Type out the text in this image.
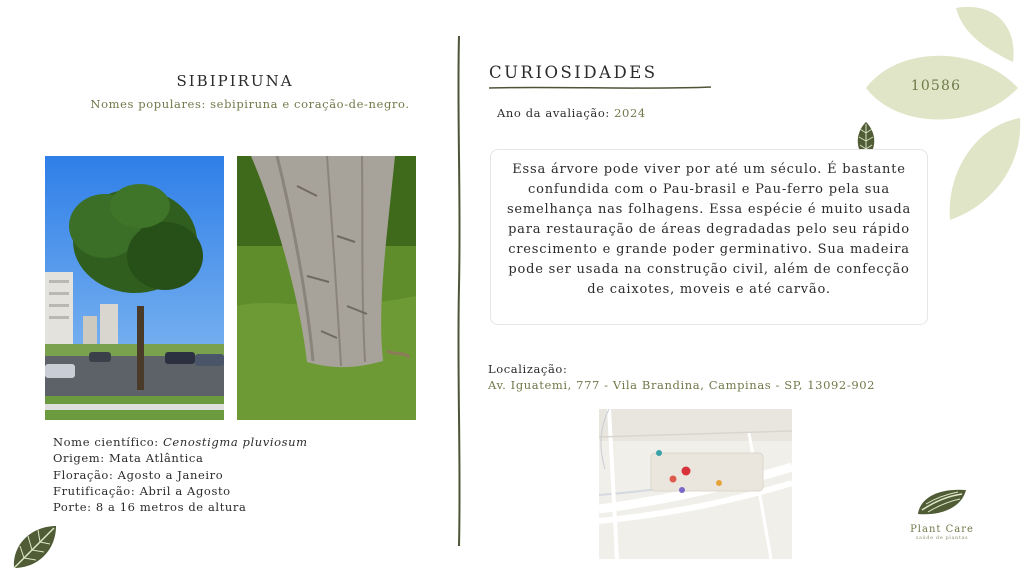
10586
SIBIPIRUNA
Nomes populares: sebipiruna e coração-de-negro.
Nome científico: Cenostigma pluviosum
Origem: Mata Atlântica
Floração: Agosto a Janeiro
Frutificação: Abril a Agosto
Porte: 8 a 16 metros de altura
CURIOSIDADES
Ano da avaliação: 2024
Essa árvore pode viver por até um século. É bastante confundida com o Pau-brasil e Pau-ferro pela sua semelhança nas folhagens. Essa espécie é muito usada para restauração de áreas degradadas pelo seu rápido crescimento e grande poder germinativo. Sua madeira pode ser usada na construção civil, além de confecção de caixotes, moveis e até carvão.
Localização:
Av. Iguatemi, 777 - Vila Brandina, Campinas - SP, 13092-902
Plant Care
saúde de plantas
